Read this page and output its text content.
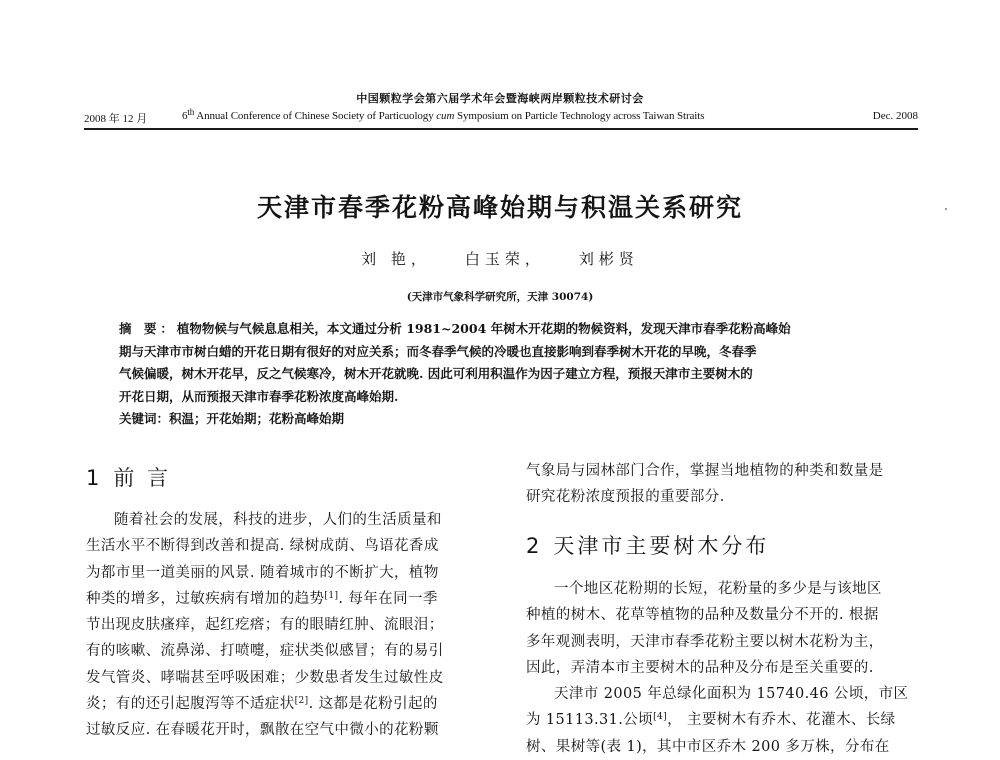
中国颗粒学会第六届学术年会暨海峡两岸颗粒技术研讨会
2008 年 12 月	6th Annual Conference of Chinese Society of Particuology cum Symposium on Particle Technology across Taiwan Straits	Dec. 2008
天津市春季花粉高峰始期与积温关系研究
刘 艳， 白玉荣， 刘彬贤
(天津市气象科学研究所，天津 30074)

摘 要：植物物候与气候息息相关，本文通过分析 1981~2004 年树木开花期的物候资料，发现天津市春季花粉高峰始

期与天津市市树白蜡的开花日期有很好的对应关系；而冬春季气候的冷暖也直接影响到春季树木开花的早晚，冬春季

气候偏暖，树木开花早，反之气候寒冷，树木开花就晚. 因此可利用积温作为因子建立方程，预报天津市主要树木的

开花日期，从而预报天津市春季花粉浓度高峰始期.

关键词：积温；开花始期；花粉高峰始期

1 前 言

随着社会的发展，科技的进步，人们的生活质量和

生活水平不断得到改善和提高. 绿树成荫、鸟语花香成

为都市里一道美丽的风景. 随着城市的不断扩大，植物

种类的增多，过敏疾病有增加的趋势[1]. 每年在同一季

节出现皮肤瘙痒，起红疙瘩；有的眼睛红肿、流眼泪；

有的咳嗽、流鼻涕、打喷嚏，症状类似感冒；有的易引

发气管炎、哮喘甚至呼吸困难；少数患者发生过敏性皮

炎；有的还引起腹泻等不适症状[2]. 这都是花粉引起的

过敏反应. 在春暖花开时，飘散在空气中微小的花粉颗

气象局与园林部门合作，掌握当地植物的种类和数量是

研究花粉浓度预报的重要部分.

2 天津市主要树木分布

一个地区花粉期的长短，花粉量的多少是与该地区

种植的树木、花草等植物的品种及数量分不开的. 根据

多年观测表明，天津市春季花粉主要以树木花粉为主，

因此，弄清本市主要树木的品种及分布是至关重要的.

天津市 2005 年总绿化面积为 15740.46 公顷，市区

为 15113.31.公顷[4]， 主要树木有乔木、花灌木、长绿

树、果树等(表 1)，其中市区乔木 200 多万株，分布在
